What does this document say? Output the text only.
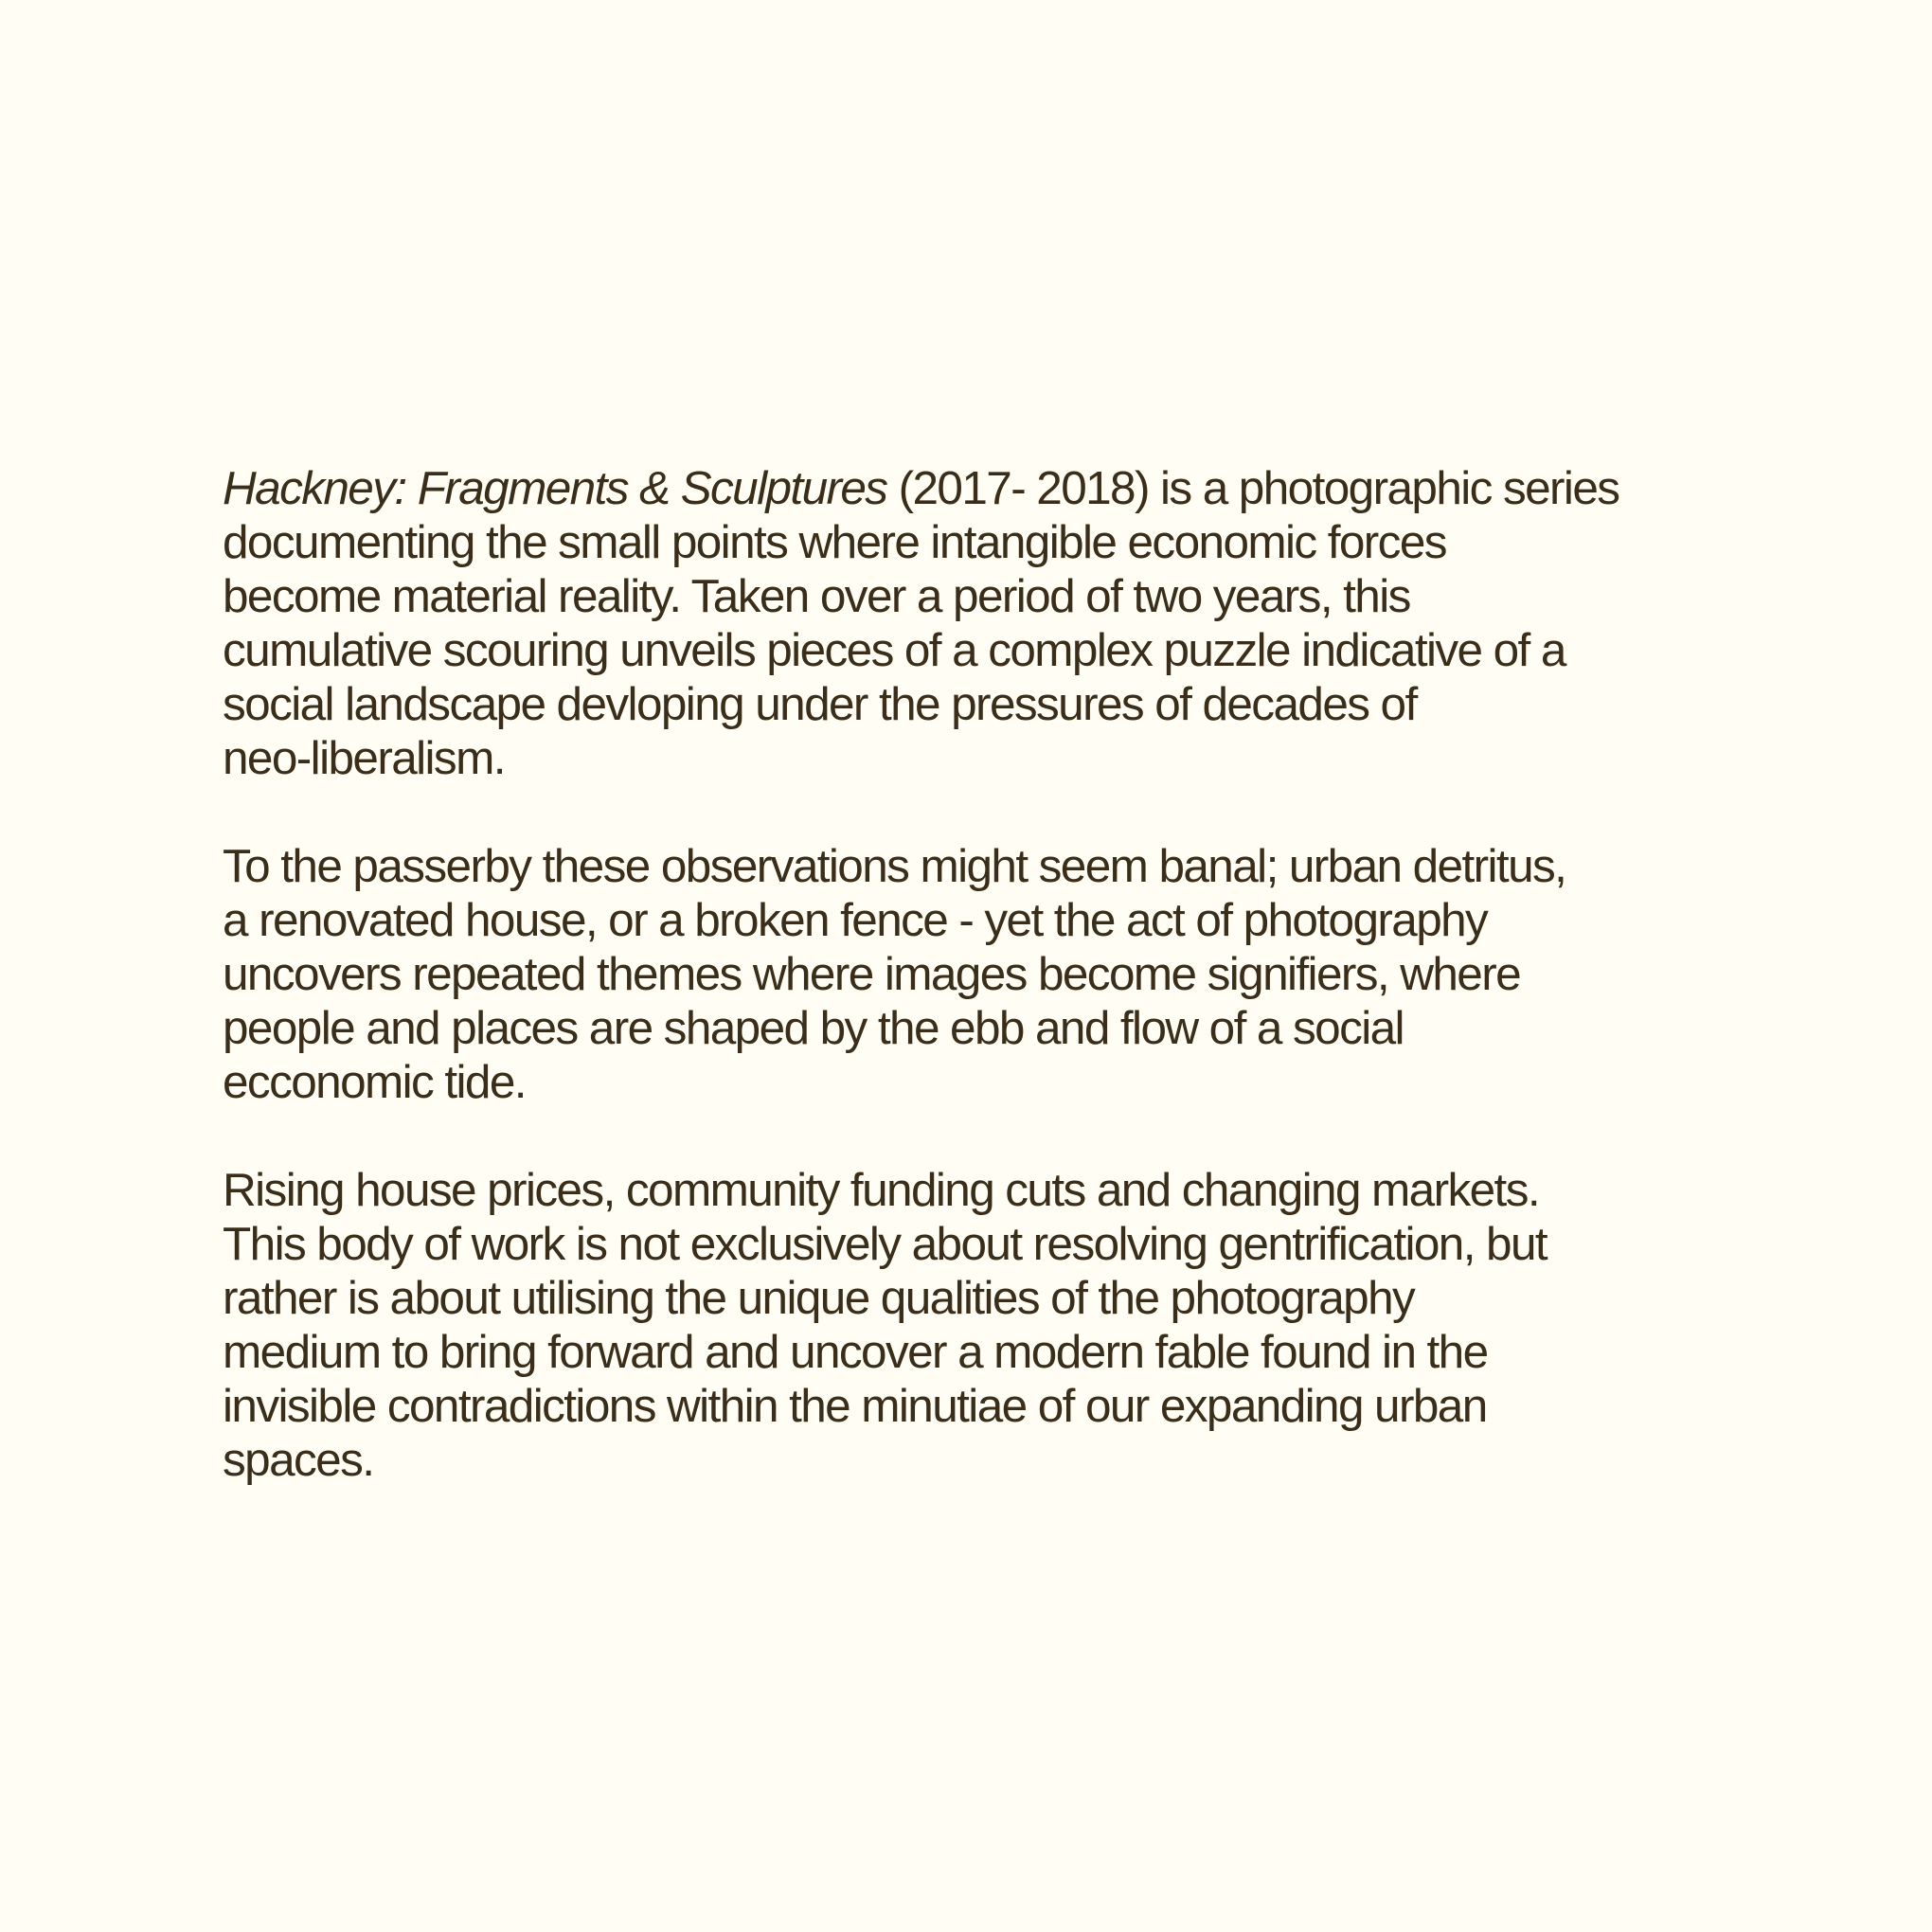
Hackney: Fragments & Sculptures (2017- 2018) is a photographic series
documenting the small points where intangible economic forces
become material reality. Taken over a period of two years, this
cumulative scouring unveils pieces of a complex puzzle indicative of a
social landscape devloping under the pressures of decades of
neo-liberalism.

To the passerby these observations might seem banal; urban detritus,
a renovated house, or a broken fence - yet the act of photography
uncovers repeated themes where images become signifiers, where
people and places are shaped by the ebb and flow of a social
ecconomic tide.

Rising house prices, community funding cuts and changing markets.
This body of work is not exclusively about resolving gentrification, but
rather is about utilising the unique qualities of the photography
medium to bring forward and uncover a modern fable found in the
invisible contradictions within the minutiae of our expanding urban
spaces.
